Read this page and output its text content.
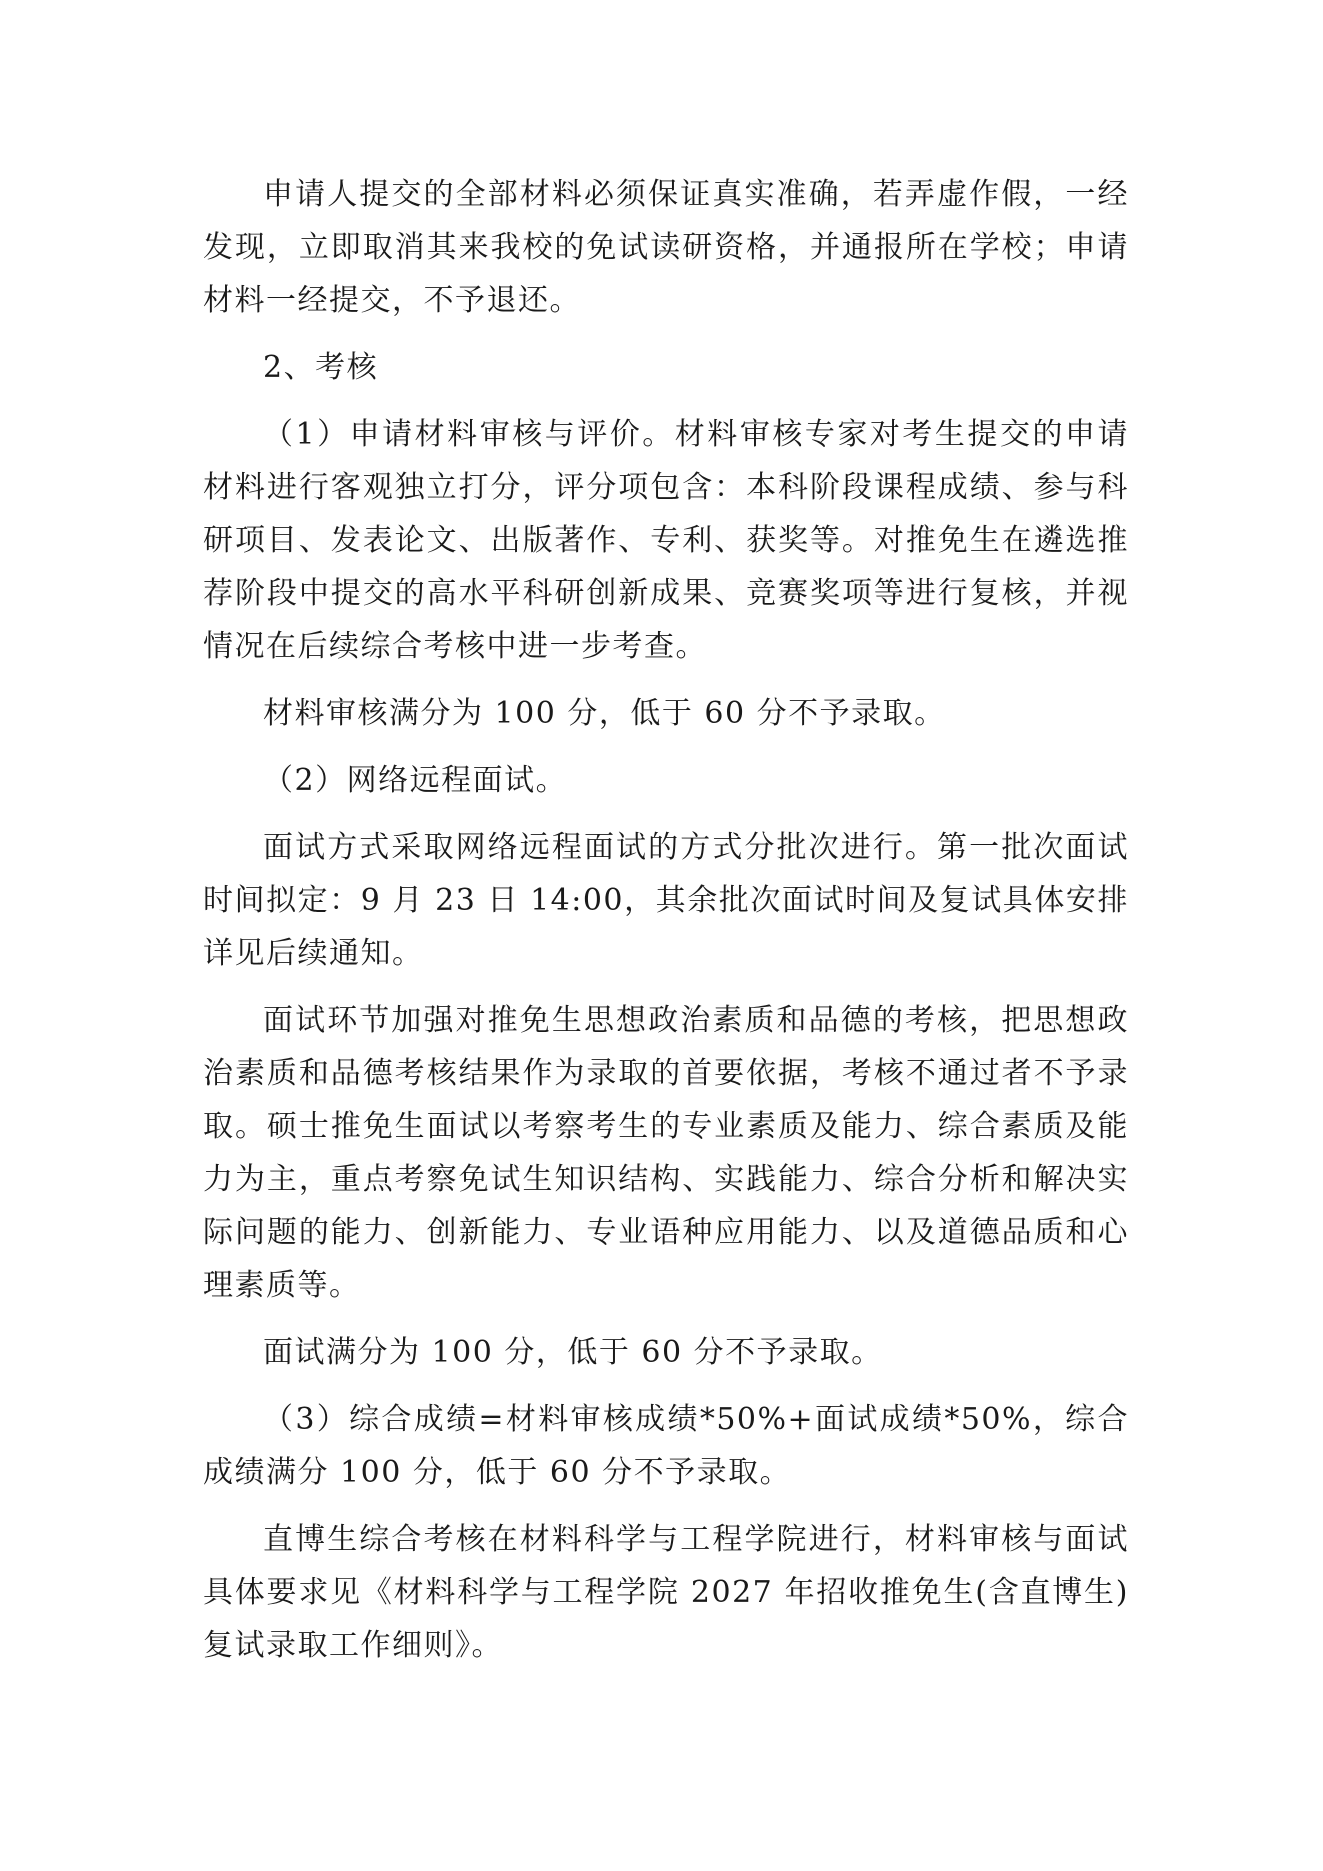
申请人提交的全部材料必须保证真实准确，若弄虚作假，一经发现，立即取消其来我校的免试读研资格，并通报所在学校；申请材料一经提交，不予退还。

2、考核

（1）申请材料审核与评价。材料审核专家对考生提交的申请材料进行客观独立打分，评分项包含：本科阶段课程成绩、参与科研项目、发表论文、出版著作、专利、获奖等。对推免生在遴选推荐阶段中提交的高水平科研创新成果、竞赛奖项等进行复核，并视情况在后续综合考核中进一步考查。

材料审核满分为 100 分，低于 60 分不予录取。

（2）网络远程面试。

面试方式采取网络远程面试的方式分批次进行。第一批次面试时间拟定：9 月 23 日 14:00，其余批次面试时间及复试具体安排详见后续通知。

面试环节加强对推免生思想政治素质和品德的考核，把思想政治素质和品德考核结果作为录取的首要依据，考核不通过者不予录取。硕士推免生面试以考察考生的专业素质及能力、综合素质及能力为主，重点考察免试生知识结构、实践能力、综合分析和解决实际问题的能力、创新能力、专业语种应用能力、以及道德品质和心理素质等。

面试满分为 100 分，低于 60 分不予录取。

（3）综合成绩=材料审核成绩*50%+面试成绩*50%，综合成绩满分 100 分，低于 60 分不予录取。

直博生综合考核在材料科学与工程学院进行，材料审核与面试具体要求见《材料科学与工程学院 2027 年招收推免生(含直博生)复试录取工作细则》。
